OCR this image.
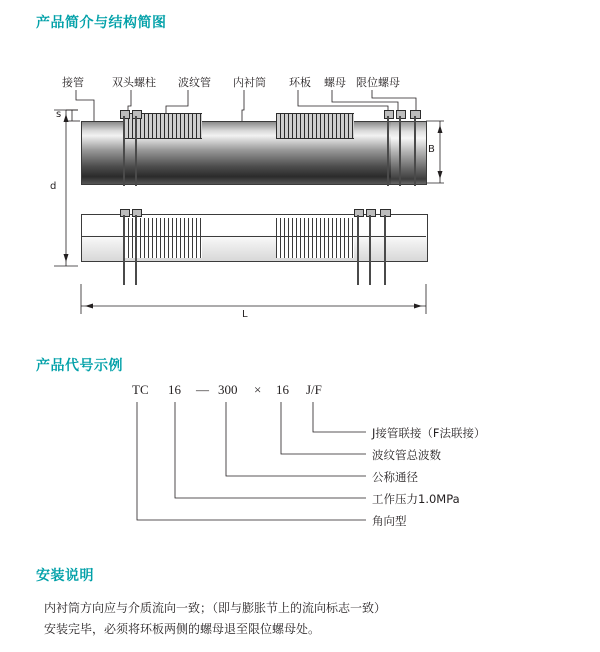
产品简介与结构简图
接管	双头螺柱 波纹管 内衬筒 环板 螺母 限位螺母
s
d
B
L
产品代号示例
TC 16 — 300 × 16 J/F
J接管联接（F法联接）
波纹管总波数
公称通径
工作压力1.0MPa
角向型
安装说明
内衬筒方向应与介质流向一致；（即与膨胀节上的流向标志一致）
安装完毕，必须将环板两侧的螺母退至限位螺母处。
